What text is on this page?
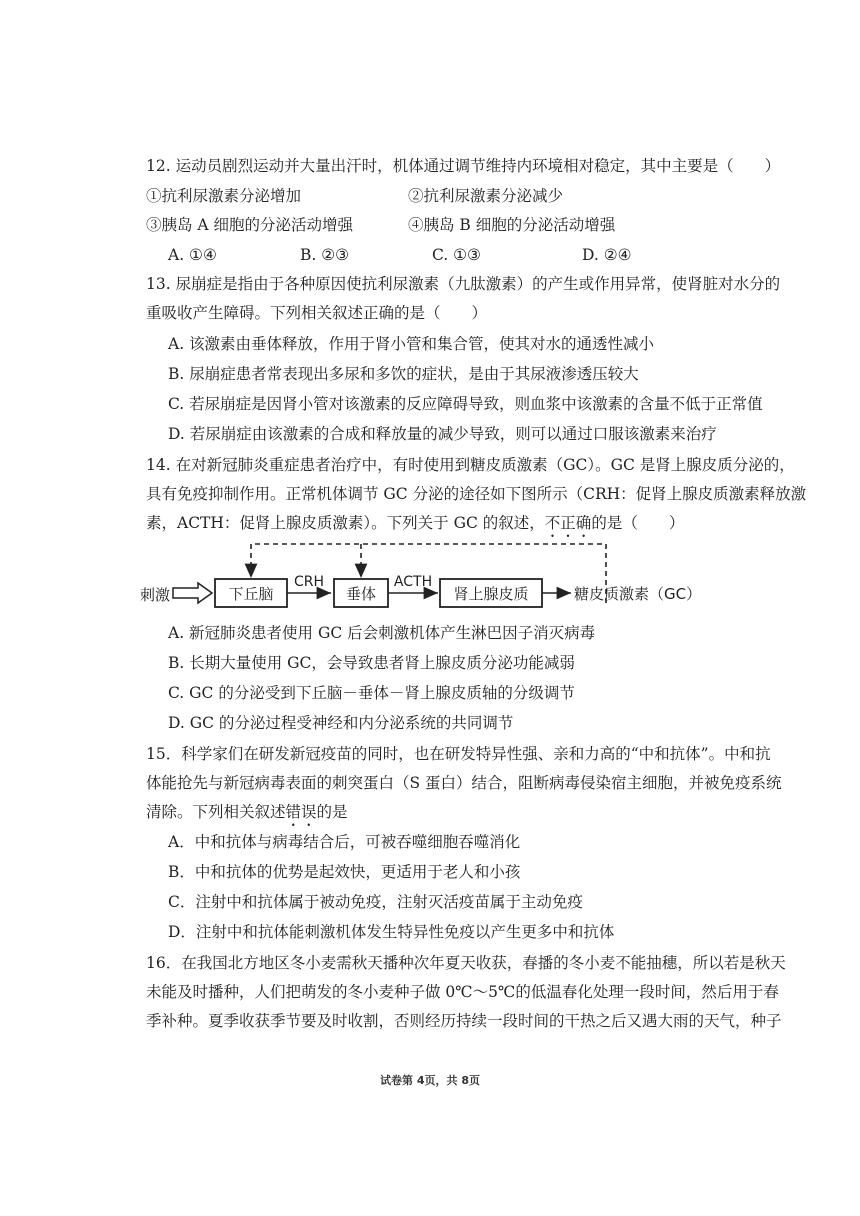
12. 运动员剧烈运动并大量出汗时，机体通过调节维持内环境相对稳定，其中主要是（　　）
①抗利尿激素分泌增加	②抗利尿激素分泌减少
③胰岛 A 细胞的分泌活动增强	④胰岛 B 细胞的分泌活动增强
A. ①④	B. ②③	C. ①③	D. ②④
13. 尿崩症是指由于各种原因使抗利尿激素（九肽激素）的产生或作用异常，使肾脏对水分的
重吸收产生障碍。下列相关叙述正确的是（　　）
A. 该激素由垂体释放，作用于肾小管和集合管，使其对水的通透性减小
B. 尿崩症患者常表现出多尿和多饮的症状，是由于其尿液渗透压较大
C. 若尿崩症是因肾小管对该激素的反应障碍导致，则血浆中该激素的含量不低于正常值
D. 若尿崩症由该激素的合成和释放量的减少导致，则可以通过口服该激素来治疗
14. 在对新冠肺炎重症患者治疗中，有时使用到糖皮质激素（GC）。GC 是肾上腺皮质分泌的，
具有免疫抑制作用。正常机体调节 GC 分泌的途径如下图所示（CRH：促肾上腺皮质激素释放激
素，ACTH：促肾上腺皮质激素）。下列关于 GC 的叙述，不正确的是（　　）
刺激	下丘脑
CRH
垂体
ACTH
肾上腺皮质	糖皮质激素（GC）
A. 新冠肺炎患者使用 GC 后会刺激机体产生淋巴因子消灭病毒
B. 长期大量使用 GC，会导致患者肾上腺皮质分泌功能减弱
C. GC 的分泌受到下丘脑－垂体－肾上腺皮质轴的分级调节
D. GC 的分泌过程受神经和内分泌系统的共同调节
15．科学家们在研发新冠疫苗的同时，也在研发特异性强、亲和力高的“中和抗体”。中和抗
体能抢先与新冠病毒表面的刺突蛋白（S 蛋白）结合，阻断病毒侵染宿主细胞，并被免疫系统
清除。下列相关叙述错误的是
A．中和抗体与病毒结合后，可被吞噬细胞吞噬消化
B．中和抗体的优势是起效快，更适用于老人和小孩
C．注射中和抗体属于被动免疫，注射灭活疫苗属于主动免疫
D．注射中和抗体能刺激机体发生特异性免疫以产生更多中和抗体
16．在我国北方地区冬小麦需秋天播种次年夏天收获，春播的冬小麦不能抽穗，所以若是秋天
未能及时播种，人们把萌发的冬小麦种子做 0℃～5℃的低温春化处理一段时间，然后用于春
季补种。夏季收获季节要及时收割，否则经历持续一段时间的干热之后又遇大雨的天气，种子
试卷第 4页，共 8页
